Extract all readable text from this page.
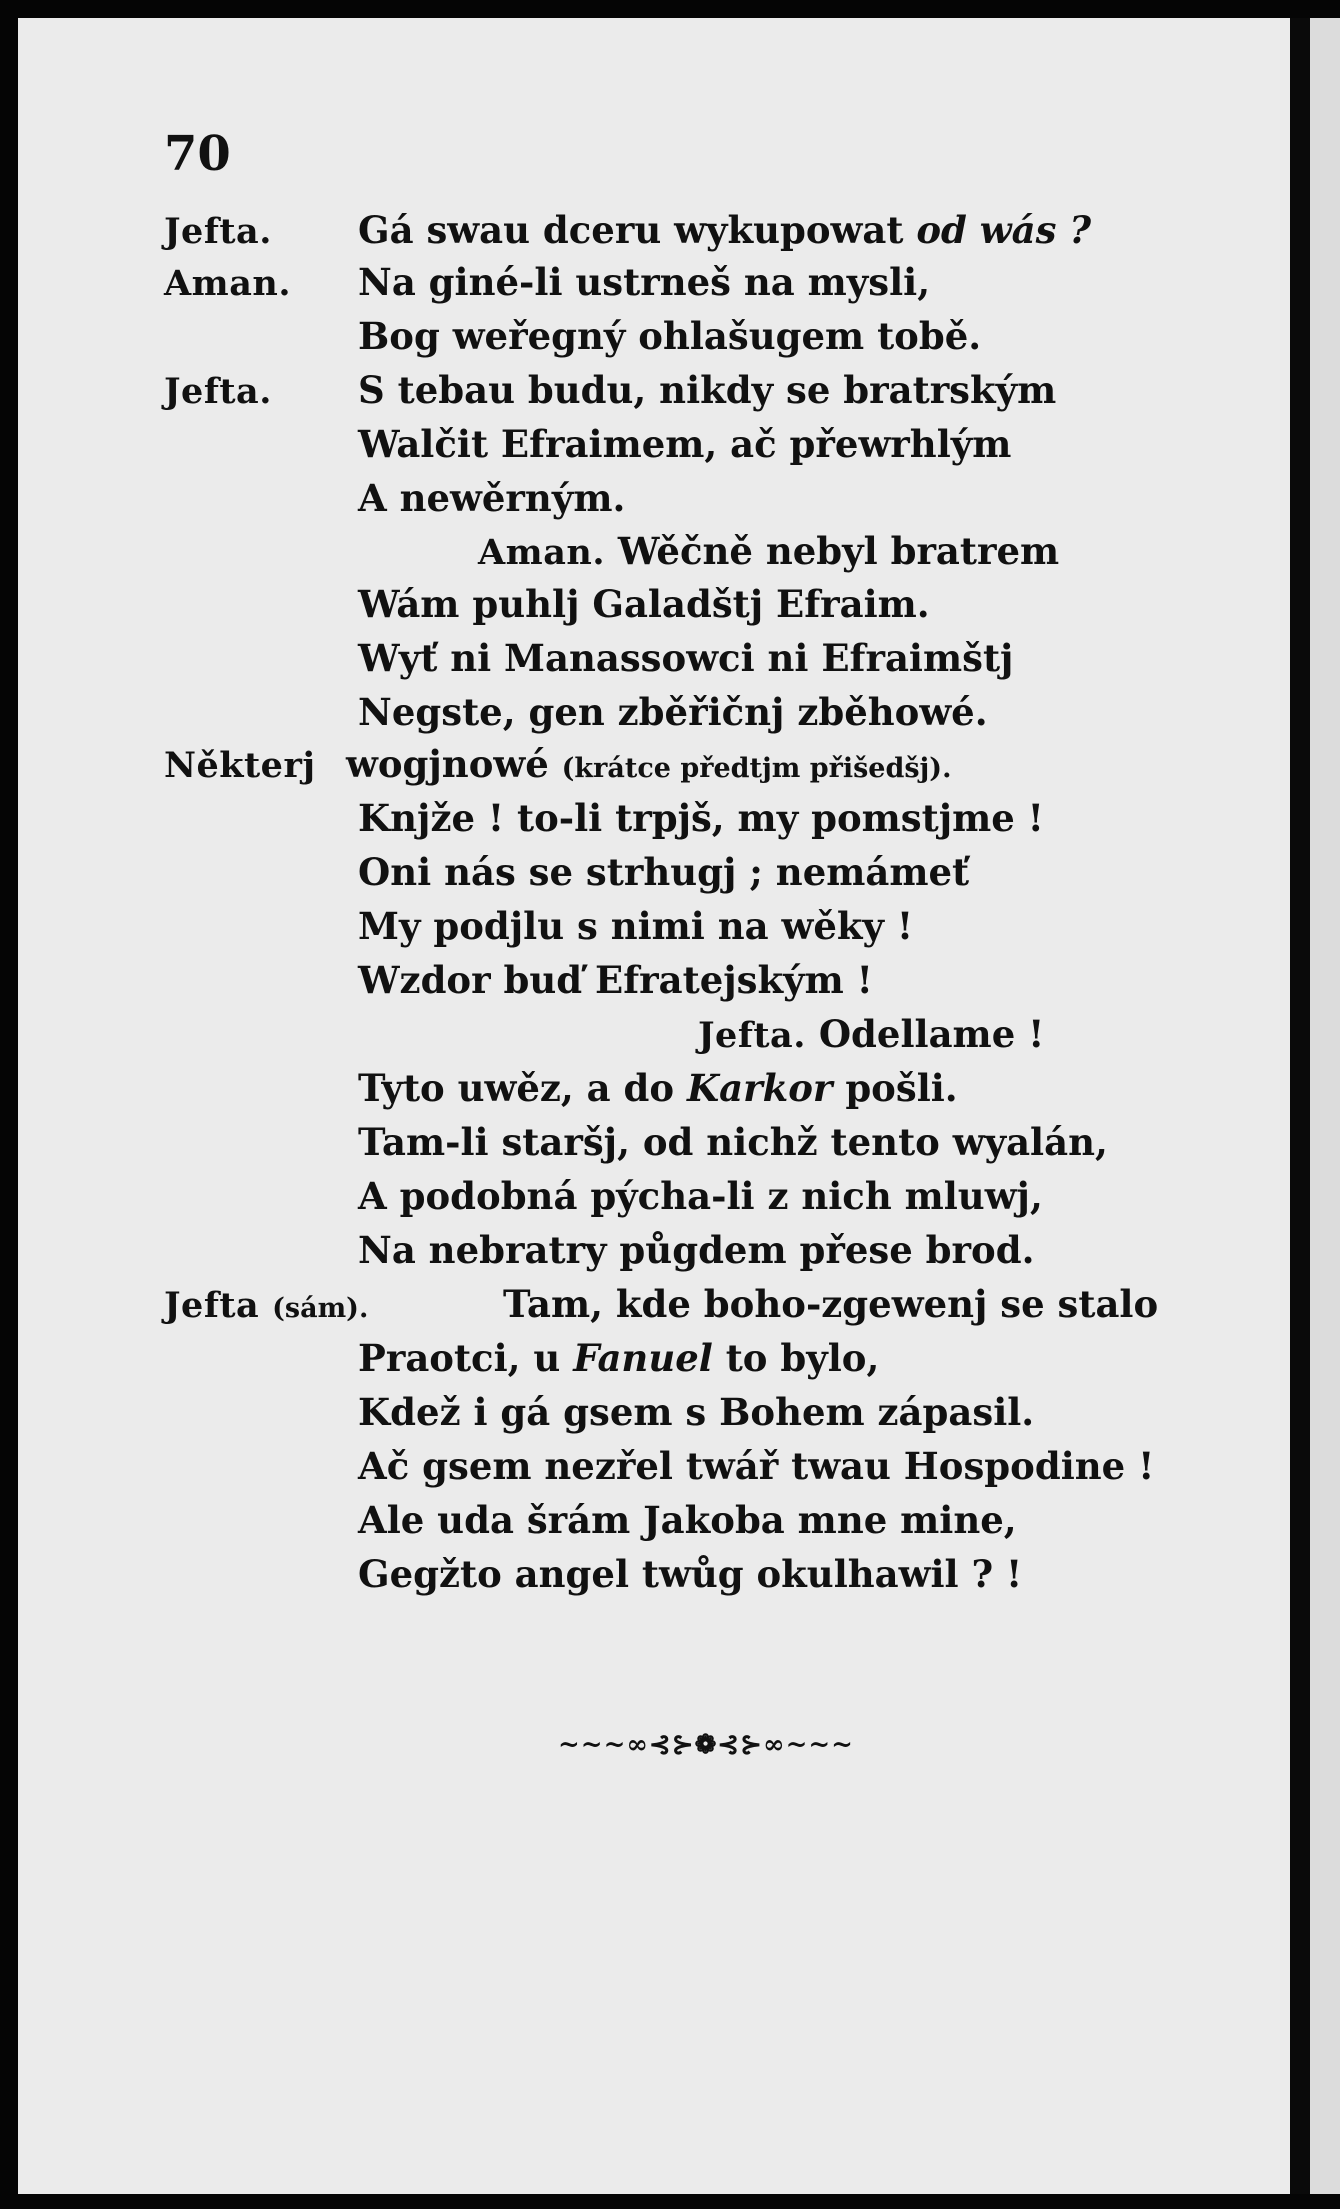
70
Jefta. Gá swau dceru wykupowat od wás ?
Aman. Na giné-li ustrneš na mysli,
Bog weřegný ohlašugem tobě.
Jefta. S tebau budu, nikdy se bratrským
Walčit Efraimem, ač přewrhlým
A newěrným.
Aman. Wěčně nebyl bratrem
Wám puhlj Galadštj Efraim.
Wyť ni Manassowci ni Efraimštj
Negste, gen zběřičnj zběhowé.
Některj wogjnowé (krátce předtjm přišedšj).
Knjže ! to-li trpjš, my pomstjme !
Oni nás se strhugj ; nemámeť
My podjlu s nimi na wěky !
Wzdor buď Efratejským !
Jefta. Odellame !
Tyto uwěz, a do Karkor pošli.
Tam-li staršj, od nichž tento wyalán,
A podobná pýcha-li z nich mluwj,
Na nebratry půgdem přese brod.
Jefta (sám).	Tam, kde boho-zgewenj se stalo
Praotci, u Fanuel to bylo,
Kdež i gá gsem s Bohem zápasil.
Ač gsem nezřel twář twau Hospodine !
Ale uda šrám Jakoba mne mine,
Gegžto angel twůg okulhawil ? !
~~~∞⊰⊱❁⊰⊱∞~~~
